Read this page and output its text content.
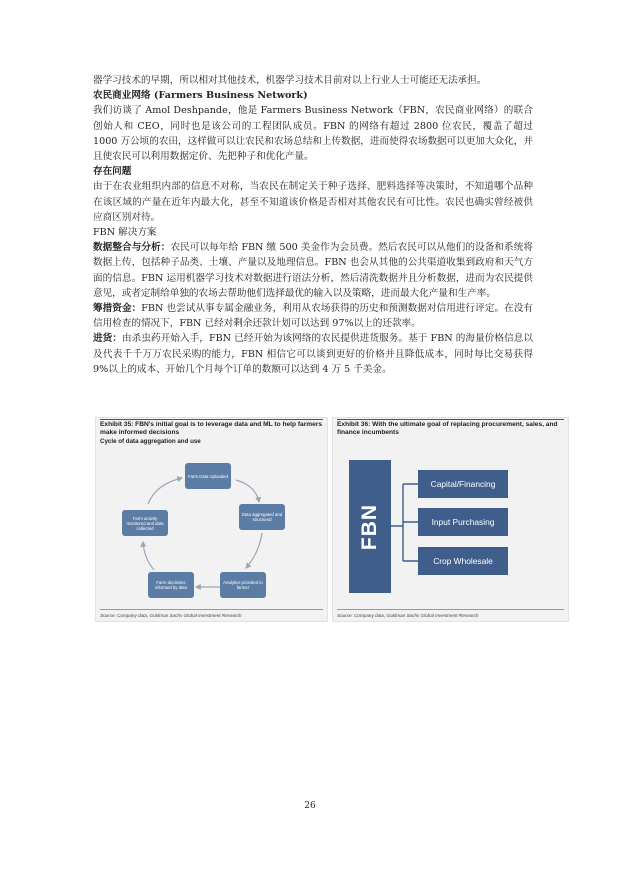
器学习技术的早期，所以相对其他技术，机器学习技术目前对以上行业人士可能还无法承担。

农民商业网络 (Farmers Business Network)

我们访谈了 Amol Deshpande，他是 Farmers Business Network（FBN，农民商业网络）的联合创始人和 CEO，同时也是该公司的工程团队成员。FBN 的网络有超过 2800 位农民，覆盖了超过 1000 万公顷的农田，这样做可以让农民和农场总结和上传数据，进而使得农场数据可以更加大众化，并且使农民可以利用数据定价、先把种子和优化产量。

存在问题

由于在农业组织内部的信息不对称，当农民在制定关于种子选择、肥料选择等决策时，不知道哪个品种在该区域的产量在近年内最大化，甚至不知道该价格是否相对其他农民有可比性。农民也确实曾经被供应商区别对待。

FBN 解决方案

数据整合与分析：农民可以每年给 FBN 缴 500 美金作为会员费。然后农民可以从他们的设备和系统将数据上传，包括种子品类、土壤、产量以及地理信息。FBN 也会从其他的公共渠道收集到政府和天气方面的信息。FBN 运用机器学习技术对数据进行语法分析，然后清洗数据并且分析数据，进而为农民提供意见，或者定制给单独的农场去帮助他们选择最优的输入以及策略，进而最大化产量和生产率。

筹措资金：FBN 也尝试从事专属金融业务，利用从农场获得的历史和预测数据对信用进行评定。在没有信用检查的情况下，FBN 已经对剩余还款计划可以达到 97%以上的还款率。

进货：由杀虫药开始入手，FBN 已经开始为该网络的农民提供进货服务。基于 FBN 的海量价格信息以及代表千千万万农民采购的能力，FBN 相信它可以谈到更好的价格并且降低成本，同时每比交易获得 9%以上的成本、开始几个月每个订单的数额可以达到 4 万 5 千美金。

Exhibit 35: FBN's initial goal is to leverage data and ML to help farmers make informed decisions
Cycle of data aggregation and use
Farm Data Uploaded
Data aggregated and structured
Analytics provided to farmer
Farm decisions informed by data
Farm activity monitored and data collected
Source: Company data, Goldman Sachs Global Investment Research
Exhibit 36: With the ultimate goal of replacing procurement, sales, and finance incumbents
FBN
Capital/Financing
Input Purchasing
Crop Wholesale
Source: Company data, Goldman Sachs Global Investment Research
26
